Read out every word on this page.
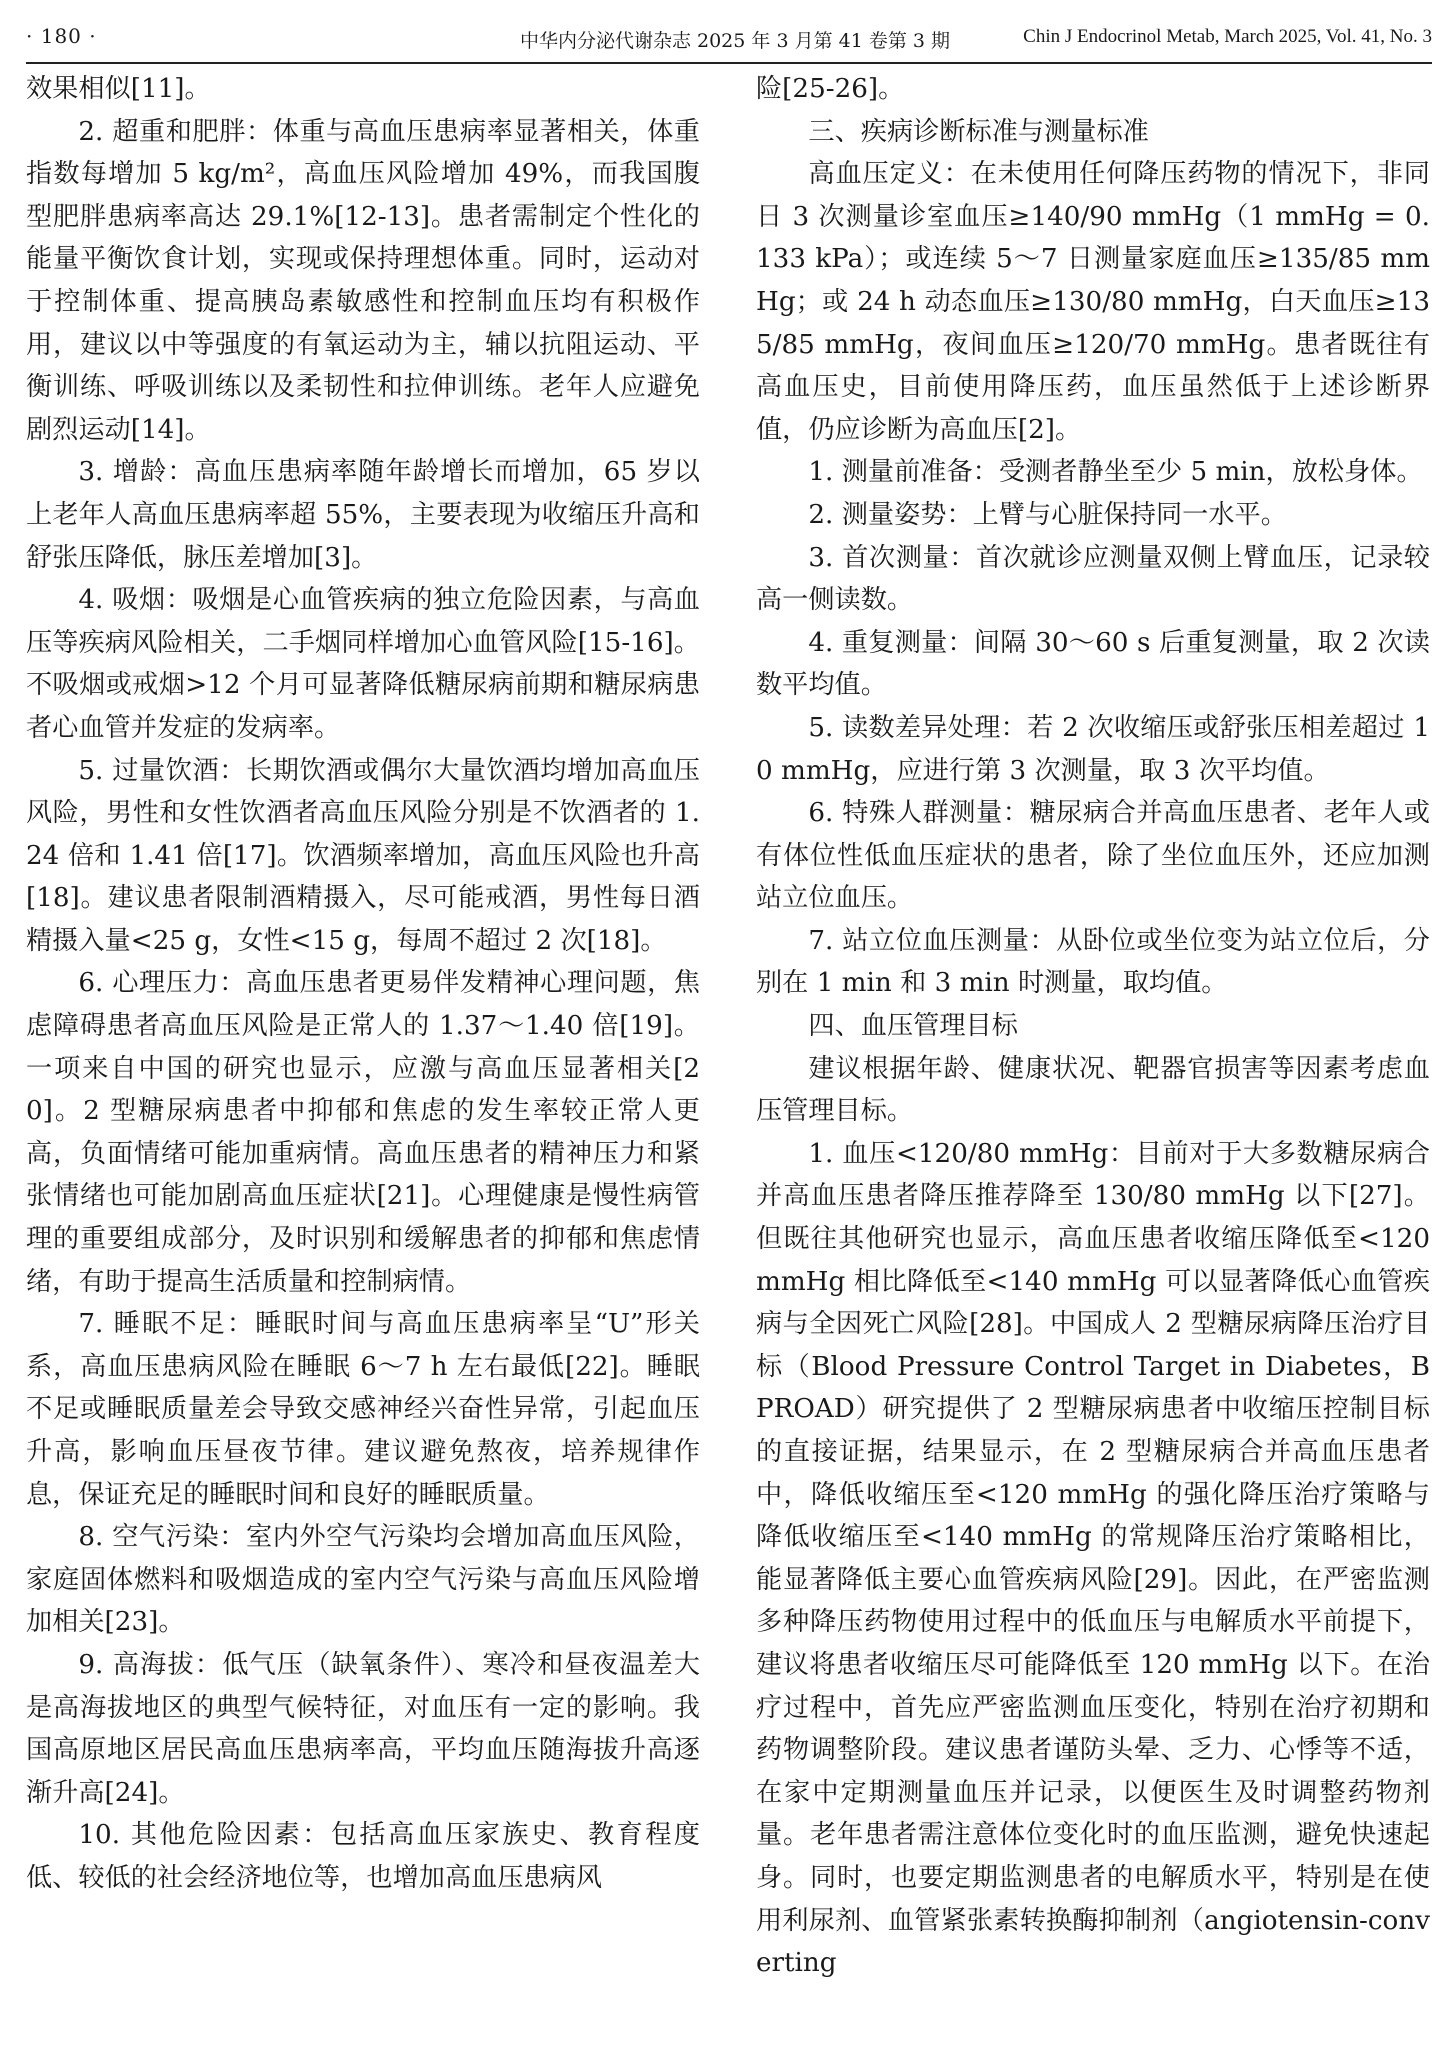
· 180 ·	中华内分泌代谢杂志 2025 年 3 月第 41 卷第 3 期	Chin J Endocrinol Metab, March 2025, Vol. 41, No. 3

效果相似[11]。

2. 超重和肥胖：体重与高血压患病率显著相关，体重指数每增加 5 kg/m²，高血压风险增加 49%，而我国腹型肥胖患病率高达 29.1%[12-13]。患者需制定个性化的能量平衡饮食计划，实现或保持理想体重。同时，运动对于控制体重、提高胰岛素敏感性和控制血压均有积极作用，建议以中等强度的有氧运动为主，辅以抗阻运动、平衡训练、呼吸训练以及柔韧性和拉伸训练。老年人应避免剧烈运动[14]。

3. 增龄：高血压患病率随年龄增长而增加，65 岁以上老年人高血压患病率超 55%，主要表现为收缩压升高和舒张压降低，脉压差增加[3]。

4. 吸烟：吸烟是心血管疾病的独立危险因素，与高血压等疾病风险相关，二手烟同样增加心血管风险[15-16]。不吸烟或戒烟>12 个月可显著降低糖尿病前期和糖尿病患者心血管并发症的发病率。

5. 过量饮酒：长期饮酒或偶尔大量饮酒均增加高血压风险，男性和女性饮酒者高血压风险分别是不饮酒者的 1.24 倍和 1.41 倍[17]。饮酒频率增加，高血压风险也升高[18]。建议患者限制酒精摄入，尽可能戒酒，男性每日酒精摄入量<25 g，女性<15 g，每周不超过 2 次[18]。

6. 心理压力：高血压患者更易伴发精神心理问题，焦虑障碍患者高血压风险是正常人的 1.37～1.40 倍[19]。一项来自中国的研究也显示，应激与高血压显著相关[20]。2 型糖尿病患者中抑郁和焦虑的发生率较正常人更高，负面情绪可能加重病情。高血压患者的精神压力和紧张情绪也可能加剧高血压症状[21]。心理健康是慢性病管理的重要组成部分，及时识别和缓解患者的抑郁和焦虑情绪，有助于提高生活质量和控制病情。

7. 睡眠不足：睡眠时间与高血压患病率呈“U”形关系，高血压患病风险在睡眠 6～7 h 左右最低[22]。睡眠不足或睡眠质量差会导致交感神经兴奋性异常，引起血压升高，影响血压昼夜节律。建议避免熬夜，培养规律作息，保证充足的睡眠时间和良好的睡眠质量。

8. 空气污染：室内外空气污染均会增加高血压风险，家庭固体燃料和吸烟造成的室内空气污染与高血压风险增加相关[23]。

9. 高海拔：低气压（缺氧条件）、寒冷和昼夜温差大是高海拔地区的典型气候特征，对血压有一定的影响。我国高原地区居民高血压患病率高，平均血压随海拔升高逐渐升高[24]。

10. 其他危险因素：包括高血压家族史、教育程度低、较低的社会经济地位等，也增加高血压患病风

险[25-26]。

三、疾病诊断标准与测量标准

高血压定义：在未使用任何降压药物的情况下，非同日 3 次测量诊室血压≥140/90 mmHg（1 mmHg = 0.133 kPa）；或连续 5～7 日测量家庭血压≥135/85 mmHg；或 24 h 动态血压≥130/80 mmHg，白天血压≥135/85 mmHg，夜间血压≥120/70 mmHg。患者既往有高血压史，目前使用降压药，血压虽然低于上述诊断界值，仍应诊断为高血压[2]。

1. 测量前准备：受测者静坐至少 5 min，放松身体。

2. 测量姿势：上臂与心脏保持同一水平。

3. 首次测量：首次就诊应测量双侧上臂血压，记录较高一侧读数。

4. 重复测量：间隔 30～60 s 后重复测量，取 2 次读数平均值。

5. 读数差异处理：若 2 次收缩压或舒张压相差超过 10 mmHg，应进行第 3 次测量，取 3 次平均值。

6. 特殊人群测量：糖尿病合并高血压患者、老年人或有体位性低血压症状的患者，除了坐位血压外，还应加测站立位血压。

7. 站立位血压测量：从卧位或坐位变为站立位后，分别在 1 min 和 3 min 时测量，取均值。

四、血压管理目标

建议根据年龄、健康状况、靶器官损害等因素考虑血压管理目标。

1. 血压<120/80 mmHg：目前对于大多数糖尿病合并高血压患者降压推荐降至 130/80 mmHg 以下[27]。但既往其他研究也显示，高血压患者收缩压降低至<120 mmHg 相比降低至<140 mmHg 可以显著降低心血管疾病与全因死亡风险[28]。中国成人 2 型糖尿病降压治疗目标（Blood Pressure Control Target in Diabetes，BPROAD）研究提供了 2 型糖尿病患者中收缩压控制目标的直接证据，结果显示，在 2 型糖尿病合并高血压患者中，降低收缩压至<120 mmHg 的强化降压治疗策略与降低收缩压至<140 mmHg 的常规降压治疗策略相比，能显著降低主要心血管疾病风险[29]。因此，在严密监测多种降压药物使用过程中的低血压与电解质水平前提下，建议将患者收缩压尽可能降低至 120 mmHg 以下。在治疗过程中，首先应严密监测血压变化，特别在治疗初期和药物调整阶段。建议患者谨防头晕、乏力、心悸等不适，在家中定期测量血压并记录，以便医生及时调整药物剂量。老年患者需注意体位变化时的血压监测，避免快速起身。同时，也要定期监测患者的电解质水平，特别是在使用利尿剂、血管紧张素转换酶抑制剂（angiotensin-converting
